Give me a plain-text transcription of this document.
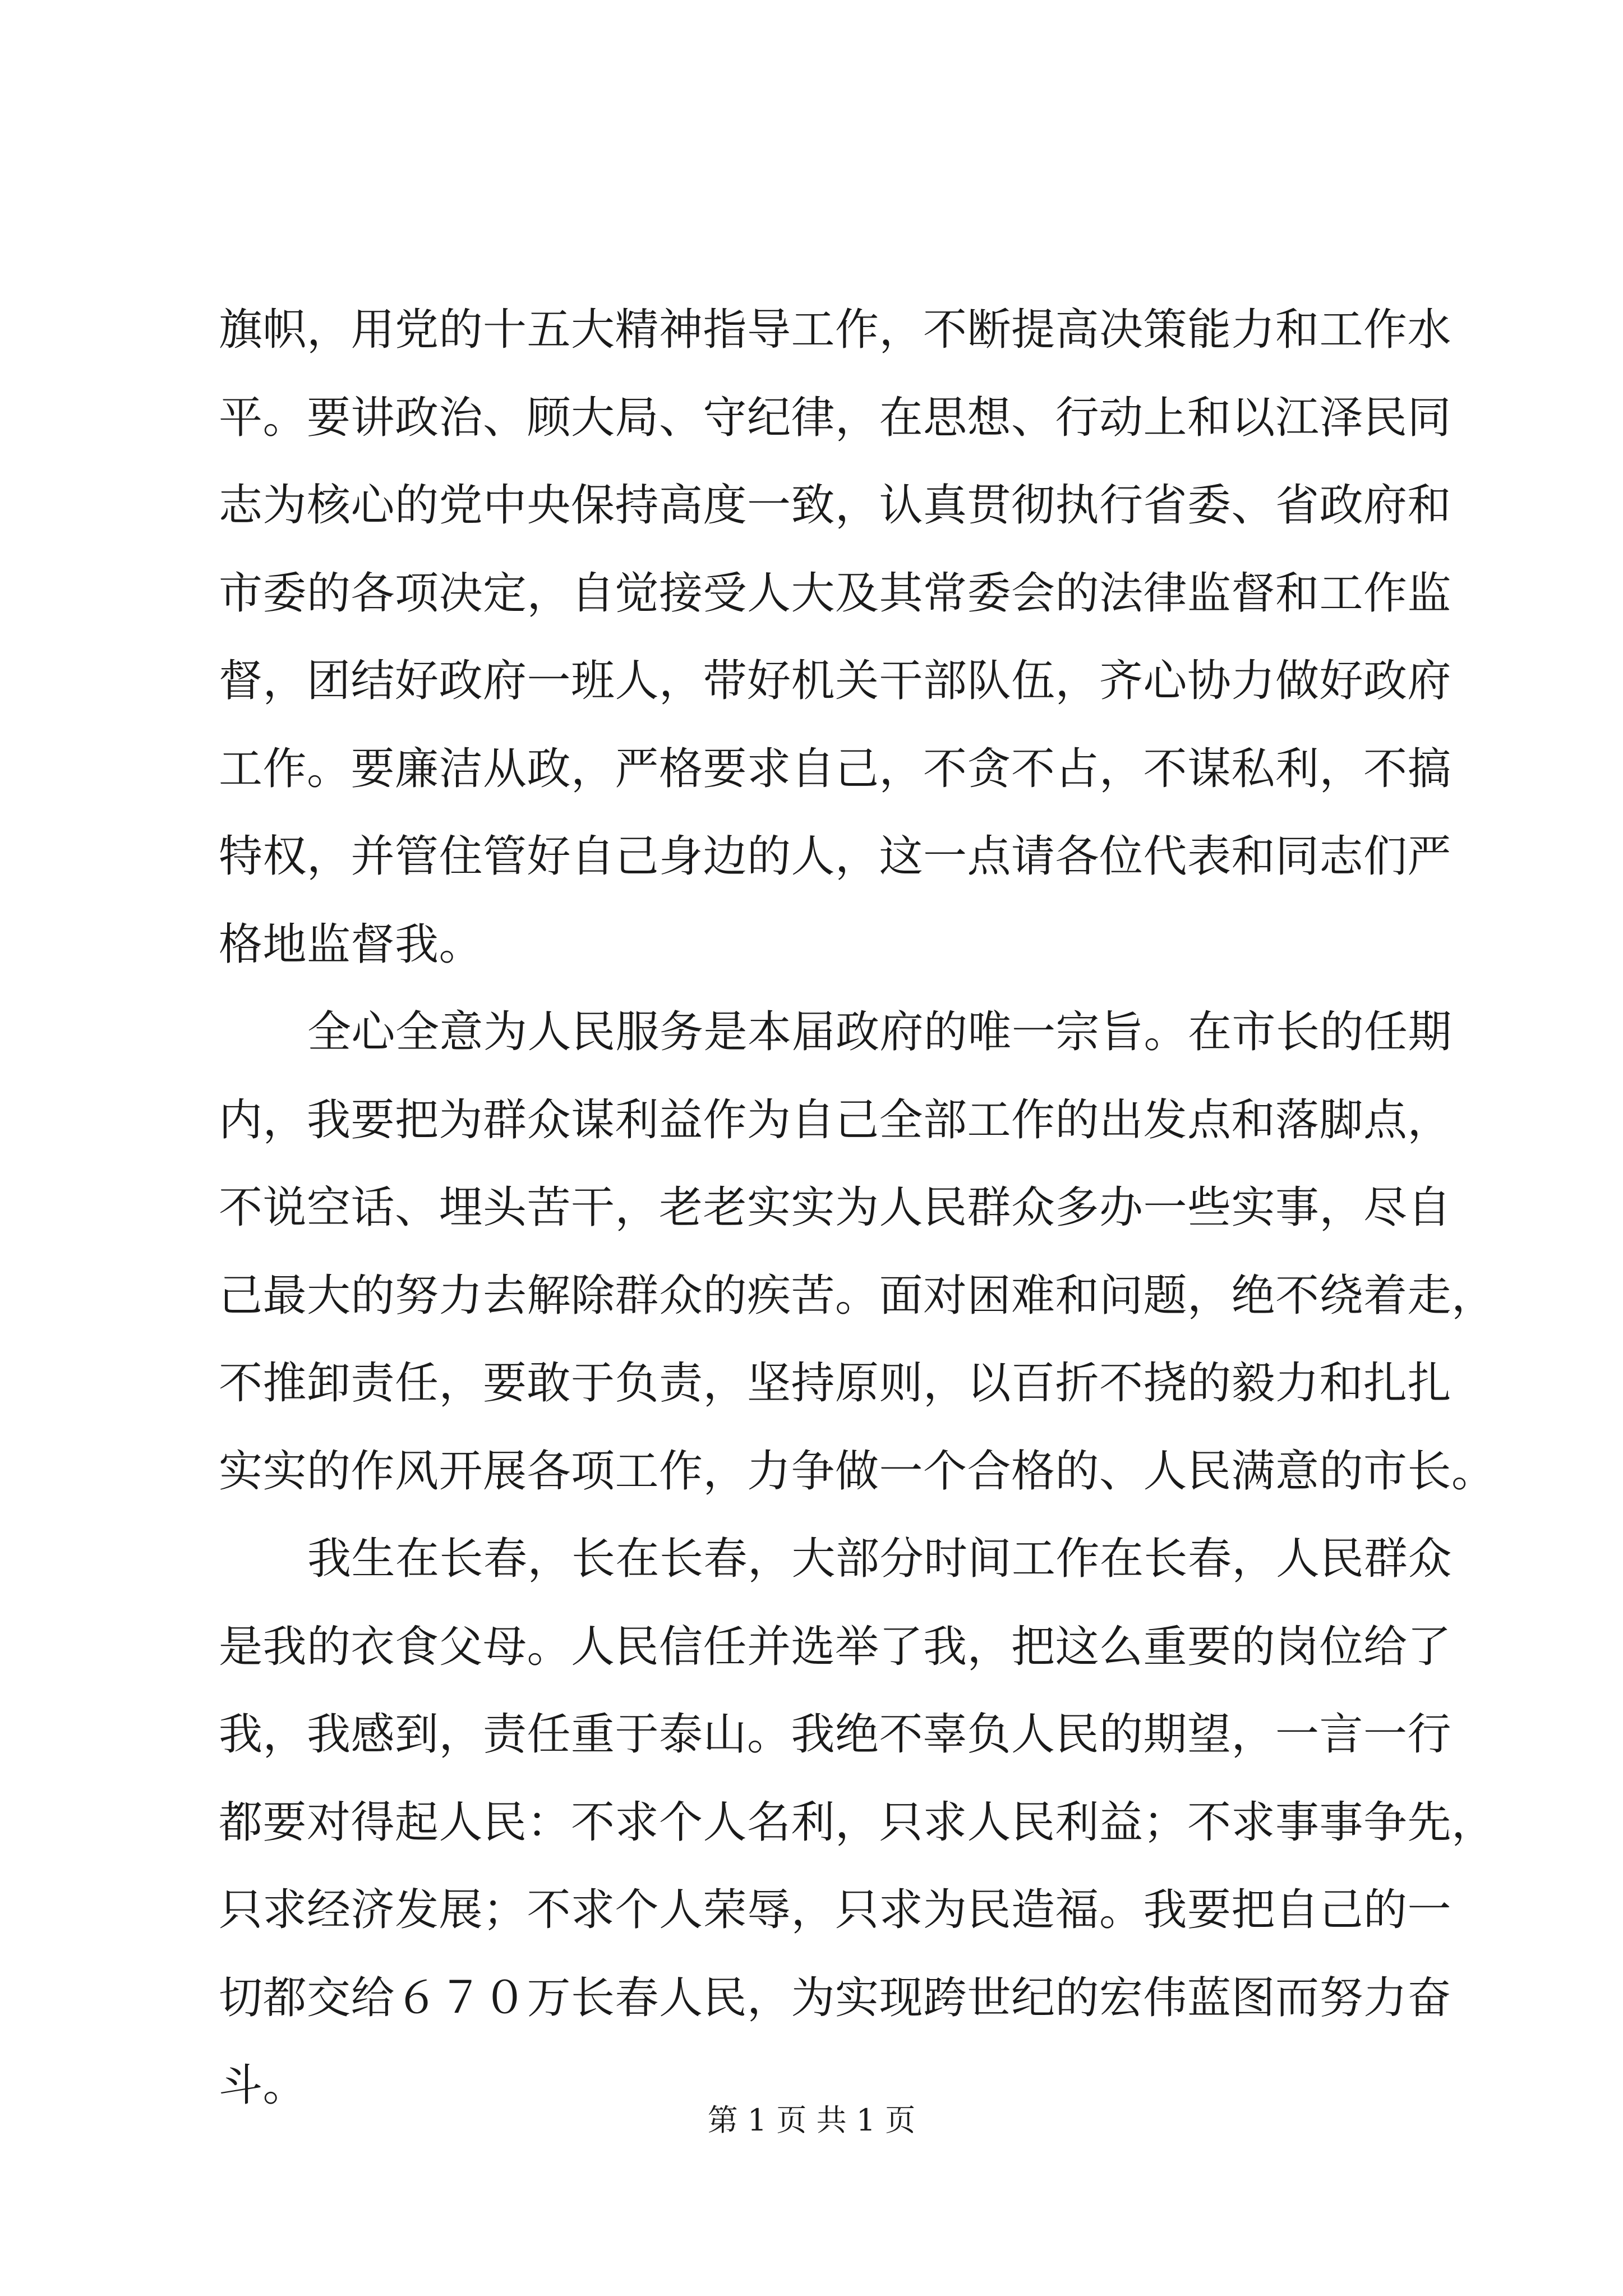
旗帜，用党的十五大精神指导工作，不断提高决策能力和工作水
平。要讲政治、顾大局、守纪律，在思想、行动上和以江泽民同
志为核心的党中央保持高度一致，认真贯彻执行省委、省政府和
市委的各项决定，自觉接受人大及其常委会的法律监督和工作监
督，团结好政府一班人，带好机关干部队伍，齐心协力做好政府
工作。要廉洁从政，严格要求自己，不贪不占，不谋私利，不搞
特权，并管住管好自己身边的人，这一点请各位代表和同志们严
格地监督我。
全心全意为人民服务是本届政府的唯一宗旨。在市长的任期
内，我要把为群众谋利益作为自己全部工作的出发点和落脚点，
不说空话、埋头苦干，老老实实为人民群众多办一些实事，尽自
己最大的努力去解除群众的疾苦。面对困难和问题，绝不绕着走，
不推卸责任，要敢于负责，坚持原则，以百折不挠的毅力和扎扎
实实的作风开展各项工作，力争做一个合格的、人民满意的市长。
我生在长春，长在长春，大部分时间工作在长春，人民群众
是我的衣食父母。人民信任并选举了我，把这么重要的岗位给了
我，我感到，责任重于泰山。我绝不辜负人民的期望，一言一行
都要对得起人民：不求个人名利，只求人民利益；不求事事争先，
只求经济发展；不求个人荣辱，只求为民造福。我要把自己的一
切都交给６７０万长春人民，为实现跨世纪的宏伟蓝图而努力奋
斗。
第 1 页 共 1 页
